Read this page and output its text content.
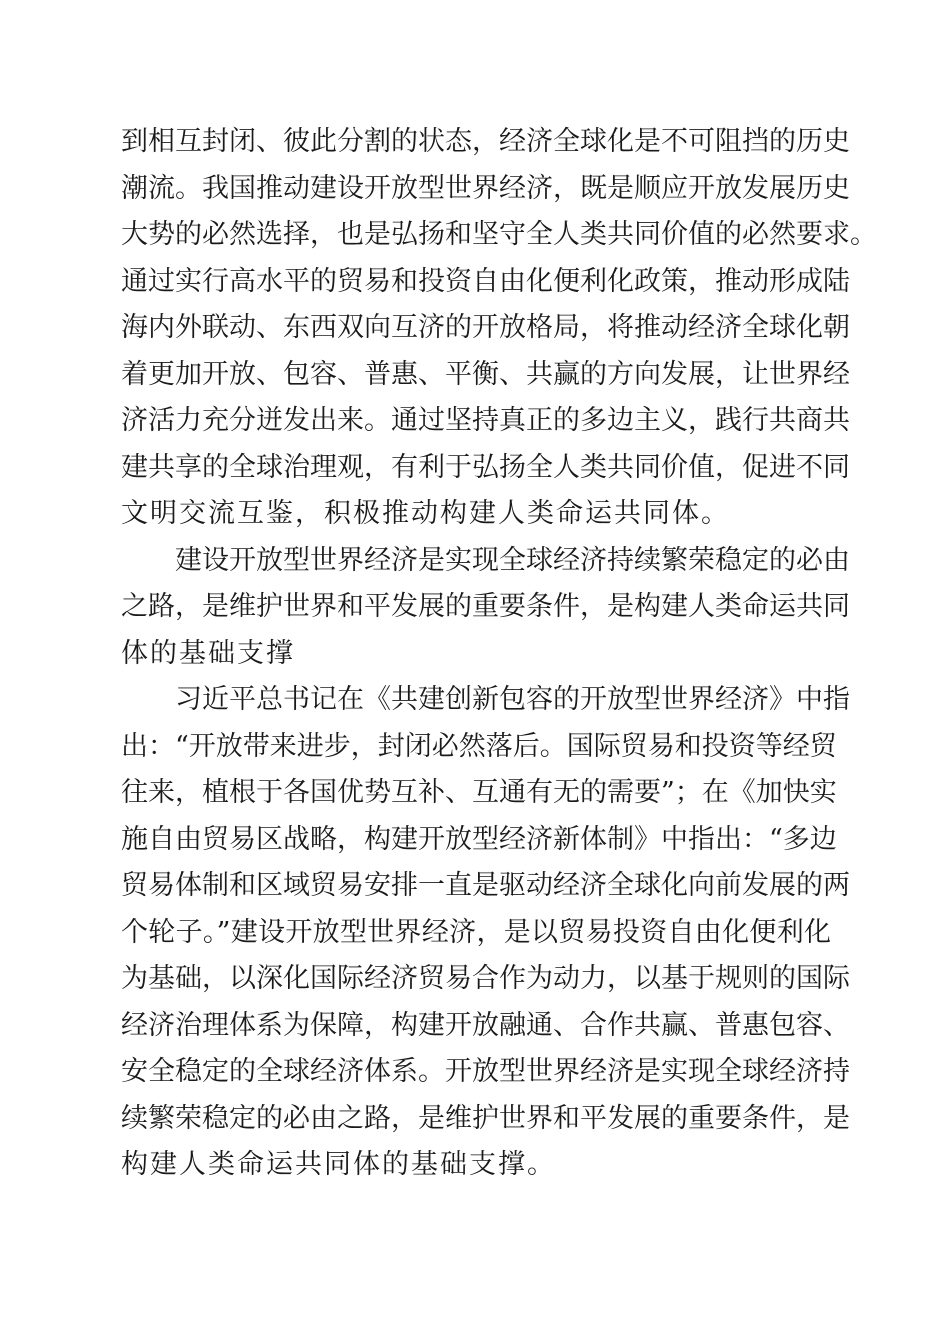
到相互封闭、彼此分割的状态，经济全球化是不可阻挡的历史
潮流。我国推动建设开放型世界经济，既是顺应开放发展历史
大势的必然选择，也是弘扬和坚守全人类共同价值的必然要求。
通过实行高水平的贸易和投资自由化便利化政策，推动形成陆
海内外联动、东西双向互济的开放格局，将推动经济全球化朝
着更加开放、包容、普惠、平衡、共赢的方向发展，让世界经
济活力充分迸发出来。通过坚持真正的多边主义，践行共商共
建共享的全球治理观，有利于弘扬全人类共同价值，促进不同
文明交流互鉴，积极推动构建人类命运共同体。
建设开放型世界经济是实现全球经济持续繁荣稳定的必由
之路，是维护世界和平发展的重要条件，是构建人类命运共同
体的基础支撑
习近平总书记在《共建创新包容的开放型世界经济》中指
出：“开放带来进步，封闭必然落后。国际贸易和投资等经贸
往来，植根于各国优势互补、互通有无的需要”；在《加快实
施自由贸易区战略，构建开放型经济新体制》中指出：“多边
贸易体制和区域贸易安排一直是驱动经济全球化向前发展的两
个轮子。”建设开放型世界经济，是以贸易投资自由化便利化
为基础，以深化国际经济贸易合作为动力，以基于规则的国际
经济治理体系为保障，构建开放融通、合作共赢、普惠包容、
安全稳定的全球经济体系。开放型世界经济是实现全球经济持
续繁荣稳定的必由之路，是维护世界和平发展的重要条件，是
构建人类命运共同体的基础支撑。
